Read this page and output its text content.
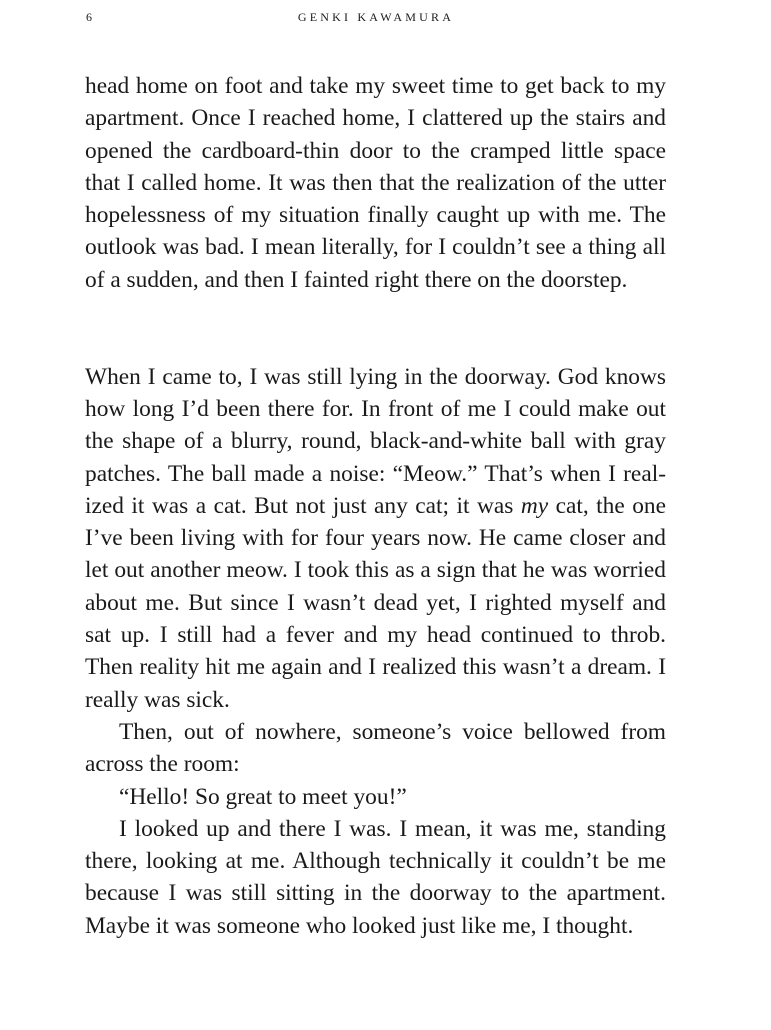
6	GENKI KAWAMURA

head home on foot and take my sweet time to get back to my apartment. Once I reached home, I clattered up the stairs and opened the cardboard-thin door to the cramped little space that I called home. It was then that the realization of the utter hopelessness of my situation finally caught up with me. The outlook was bad. I mean literally, for I couldn’t see a thing all of a sudden, and then I fainted right there on the doorstep.

When I came to, I was still lying in the doorway. God knows how long I’d been there for. In front of me I could make out the shape of a blurry, round, black-and-white ball with gray patches. The ball made a noise: “Meow.” That’s when I realized it was a cat. But not just any cat; it was my cat, the one I’ve been living with for four years now. He came closer and let out another meow. I took this as a sign that he was worried about me. But since I wasn’t dead yet, I righted myself and sat up. I still had a fever and my head continued to throb. Then reality hit me again and I realized this wasn’t a dream. I really was sick.

Then, out of nowhere, someone’s voice bellowed from across the room:

“Hello! So great to meet you!”

I looked up and there I was. I mean, it was me, standing there, looking at me. Although technically it couldn’t be me because I was still sitting in the doorway to the apartment. Maybe it was someone who looked just like me, I thought.
